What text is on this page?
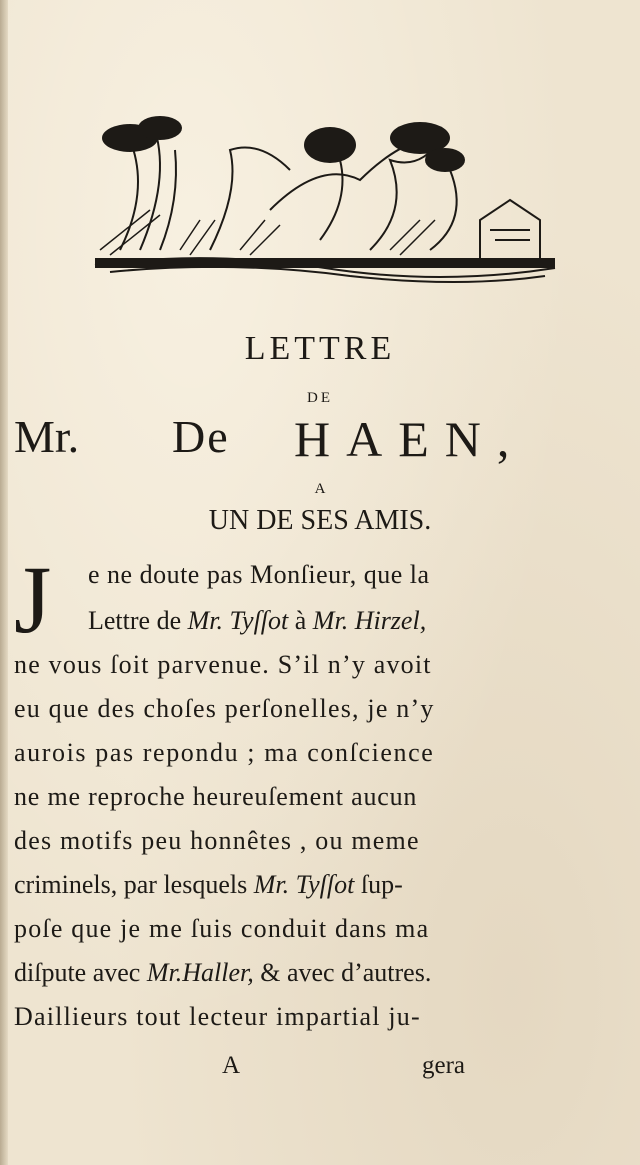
LETTRE
DE
Mr. De HAEN,
A
UN DE SES AMIS.
J e ne doute pas Monſieur, que la
Lettre de Mr. Tyſſot à Mr. Hirzel,
ne vous ſoit parvenue. S’il n’y avoit
eu que des choſes perſonelles, je n’y
aurois pas repondu ; ma conſcience
ne me reproche heureuſement aucun
des motifs peu honnêtes , ou meme
criminels, par lesquels Mr. Tyſſot ſup-
poſe que je me ſuis conduit dans ma
diſpute avec Mr.Haller, & avec d’autres.
Daillieurs tout lecteur impartial ju-
A	gera
